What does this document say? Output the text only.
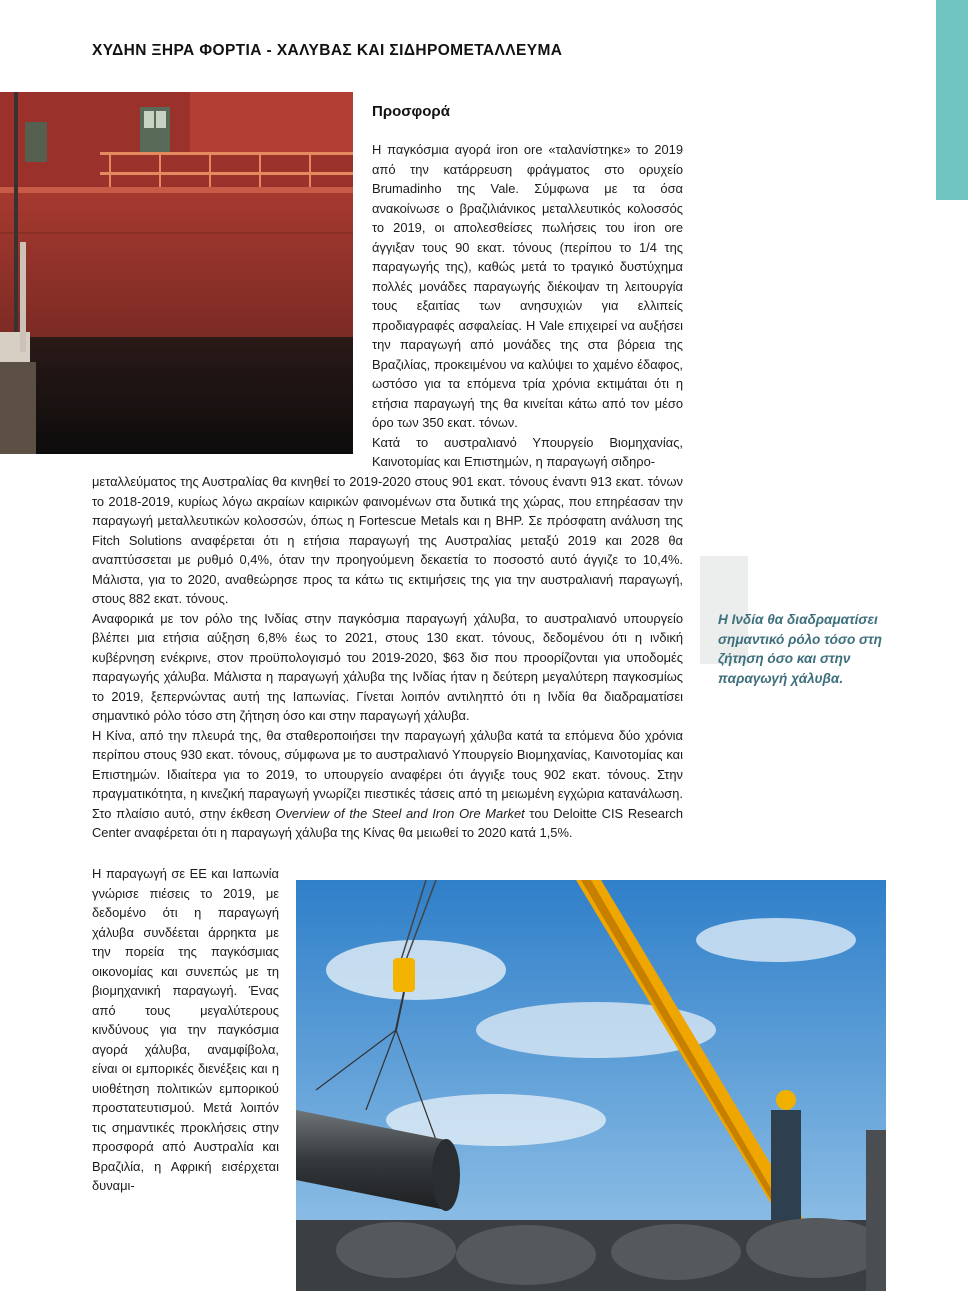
ΧΥΔΗΝ ΞΗΡΑ ΦΟΡΤΙΑ - ΧΑΛΥΒΑΣ ΚΑΙ ΣΙΔΗΡΟΜΕΤΑΛΛΕΥΜΑ
Προσφορά

Η παγκόσμια αγορά iron ore «ταλανίστηκε» το 2019 από την κατάρρευση φράγματος στο ορυχείο Brumadinho της Vale. Σύμφωνα με τα όσα ανακοίνωσε ο βραζιλιάνικος μεταλλευτικός κολοσσός το 2019, οι απολεσθείσες πωλήσεις του iron ore άγγιξαν τους 90 εκατ. τόνους (περίπου το 1/4 της παραγωγής της), καθώς μετά το τραγικό δυστύχημα πολλές μονάδες παραγωγής διέκοψαν τη λειτουργία τους εξαιτίας των ανησυχιών για ελλιπείς προδιαγραφές ασφαλείας. Η Vale επιχειρεί να αυξήσει την παραγωγή από μονάδες της στα βόρεια της Βραζιλίας, προκειμένου να καλύψει το χαμένο έδαφος, ωστόσο για τα επόμενα τρία χρόνια εκτιμάται ότι η ετήσια παραγωγή της θα κινείται κάτω από τον μέσο όρο των 350 εκατ. τόνων.

Κατά το αυστραλιανό Υπουργείο Βιομηχανίας, Καινοτομίας και Επιστημών, η παραγωγή σιδηρο-

μεταλλεύματος της Αυστραλίας θα κινηθεί το 2019-2020 στους 901 εκατ. τόνους έναντι 913 εκατ. τόνων το 2018-2019, κυρίως λόγω ακραίων καιρικών φαινομένων στα δυτικά της χώρας, που επηρέασαν την παραγωγή μεταλλευτικών κολοσσών, όπως η Fortescue Metals και η BHP. Σε πρόσφατη ανάλυση της Fitch Solutions αναφέρεται ότι η ετήσια παραγωγή της Αυστραλίας μεταξύ 2019 και 2028 θα αναπτύσσεται με ρυθμό 0,4%, όταν την προηγούμενη δεκαετία το ποσοστό αυτό άγγιζε το 10,4%. Μάλιστα, για το 2020, αναθεώρησε προς τα κάτω τις εκτιμήσεις της για την αυστραλιανή παραγωγή, στους 882 εκατ. τόνους.

Αναφορικά με τον ρόλο της Ινδίας στην παγκόσμια παραγωγή χάλυβα, το αυστραλιανό υπουργείο βλέπει μια ετήσια αύξηση 6,8% έως το 2021, στους 130 εκατ. τόνους, δεδομένου ότι η ινδική κυβέρνηση ενέκρινε, στον προϋπολογισμό του 2019-2020, $63 δισ που προορίζονται για υποδομές παραγωγής χάλυβα. Μάλιστα η παραγωγή χάλυβα της Ινδίας ήταν η δεύτερη μεγαλύτερη παγκοσμίως το 2019, ξεπερνώντας αυτή της Ιαπωνίας. Γίνεται λοιπόν αντιληπτό ότι η Ινδία θα διαδραματίσει σημαντικό ρόλο τόσο στη ζήτηση όσο και στην παραγωγή χάλυβα.

Η Κίνα, από την πλευρά της, θα σταθεροποιήσει την παραγωγή χάλυβα κατά τα επόμενα δύο χρόνια περίπου στους 930 εκατ. τόνους, σύμφωνα με το αυστραλιανό Υπουργείο Βιομηχανίας, Καινοτομίας και Επιστημών. Ιδιαίτερα για το 2019, το υπουργείο αναφέρει ότι άγγιξε τους 902 εκατ. τόνους. Στην πραγματικότητα, η κινεζική παραγωγή γνωρίζει πιεστικές τάσεις από τη μειωμένη εγχώρια κατανάλωση. Στο πλαίσιο αυτό, στην έκθεση Overview of the Steel and Iron Ore Market του Deloitte CIS Research Center αναφέρεται ότι η παραγωγή χάλυβα της Κίνας θα μειωθεί το 2020 κατά 1,5%.

Η παραγωγή σε ΕΕ και Ιαπωνία γνώρισε πιέσεις το 2019, με δεδομένο ότι η παραγωγή χάλυβα συνδέεται άρρηκτα με την πορεία της παγκόσμιας οικονομίας και συνεπώς με τη βιομηχανική παραγωγή. Ένας από τους μεγαλύτερους κινδύνους για την παγκόσμια αγορά χάλυβα, αναμφίβολα, είναι οι εμπορικές διενέξεις και η υιοθέτηση πολιτικών εμπορικού προστατευτισμού. Μετά λοιπόν τις σημαντικές προκλήσεις στην προσφορά από Αυστραλία και Βραζιλία, η Αφρική εισέρχεται δυναμι-

Η Ινδία θα διαδραματίσει σημαντικό ρόλο τόσο στη ζήτηση όσο και στην παραγωγή χάλυβα.
